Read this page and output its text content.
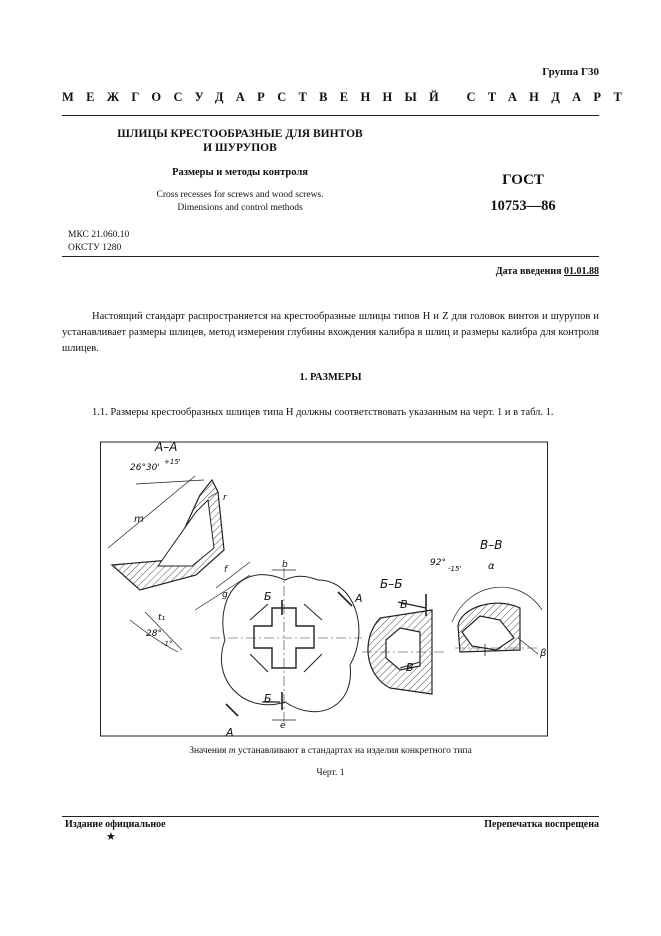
Группа Г30
МЕЖГОСУДАРСТВЕННЫЙ СТАНДАРТ
ШЛИЦЫ КРЕСТООБРАЗНЫЕ ДЛЯ ВИНТОВ
И ШУРУПОВ
Размеры и методы контроля
Cross recesses for screws and wood screws.
Dimensions and control methods
ГОСТ
10753—86
МКС 21.060.10
ОКСТУ 1280
Дата введения 01.01.88
Настоящий стандарт распространяется на крестообразные шлицы типов Н и Z для головок винтов и шурупов и устанавливает размеры шлицев, метод измерения глубины вхождения калибра в шлиц и размеры калибра для контроля шлицев.
1. РАЗМЕРЫ
1.1. Размеры крестообразных шлицев типа Н должны соответствовать указанным на черт. 1 и в табл. 1.
А–А
26°30'
+15'
m
r
f
g
t₁
28°
-1°
b
e
Б
Б
А
А
Б–Б
В
В
В–В
92°
-15'	α
β
Значения m устанавливают в стандартах на изделия конкретного типа
Черт. 1
Издание официальное	Перепечатка воспрещена
★
